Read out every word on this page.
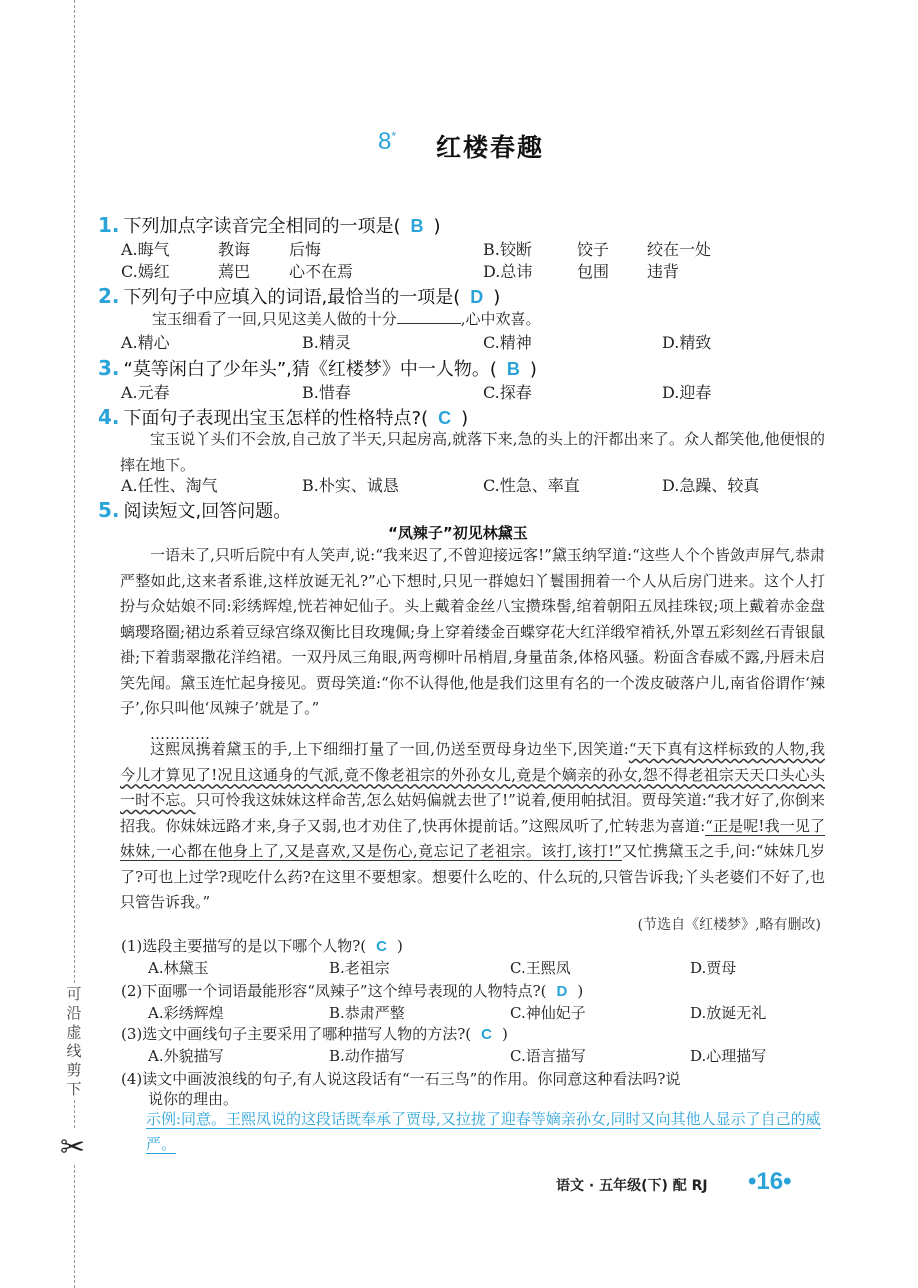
可沿虚线剪下
✂
8* 红楼春趣
1. 下列加点字读音完全相同的一项是( B )
A.晦气	教诲 后悔	B.铰断	饺子 绞在一处
C.嫣红	蔫巴 心不在焉	D.总讳	包围 违背
2. 下列句子中应填入的词语,最恰当的一项是( D )
宝玉细看了一回,只见这美人做的十分	,心中欢喜。
A.精心	B.精灵	C.精神	D.精致
3. “莫等闲白了少年头”,猜《红楼梦》中一人物。( B )
A.元春	B.惜春	C.探春	D.迎春
4. 下面句子表现出宝玉怎样的性格特点?( C )

宝玉说丫头们不会放,自己放了半天,只起房高,就落下来,急的头上的汗都出来了。众人都笑他,他便恨的摔在地下。

A.任性、淘气	B.朴实、诚恳	C.性急、率直	D.急躁、较真
5. 阅读短文,回答问题。
“凤辣子”初见林黛玉

一语未了,只听后院中有人笑声,说:“我来迟了,不曾迎接远客!”黛玉纳罕道:“这些人个个皆敛声屏气,恭肃严整如此,这来者系谁,这样放诞无礼?”心下想时,只见一群媳妇丫鬟围拥着一个人从后房门进来。这个人打扮与众姑娘不同:彩绣辉煌,恍若神妃仙子。头上戴着金丝八宝攒珠髻,绾着朝阳五凤挂珠钗;项上戴着赤金盘螭璎珞圈;裙边系着豆绿宫绦双衡比目玫瑰佩;身上穿着缕金百蝶穿花大红洋缎窄褃袄,外罩五彩刻丝石青银鼠褂;下着翡翠撒花洋绉裙。一双丹凤三角眼,两弯柳叶吊梢眉,身量苗条,体格风骚。粉面含春威不露,丹唇未启笑先闻。黛玉连忙起身接见。贾母笑道:“你不认得他,他是我们这里有名的一个泼皮破落户儿,南省俗谓作‘辣子’,你只叫他‘凤辣子’就是了。”

…………

这熙凤携着黛玉的手,上下细细打量了一回,仍送至贾母身边坐下,因笑道:“天下真有这样标致的人物,我今儿才算见了!况且这通身的气派,竟不像老祖宗的外孙女儿,竟是个嫡亲的孙女,怨不得老祖宗天天口头心头一时不忘。只可怜我这妹妹这样命苦,怎么姑妈偏就去世了!”说着,便用帕拭泪。贾母笑道:“我才好了,你倒来招我。你妹妹远路才来,身子又弱,也才劝住了,快再休提前话。”这熙凤听了,忙转悲为喜道:“正是呢!我一见了妹妹,一心都在他身上了,又是喜欢,又是伤心,竟忘记了老祖宗。该打,该打!”又忙携黛玉之手,问:“妹妹几岁了?可也上过学?现吃什么药?在这里不要想家。想要什么吃的、什么玩的,只管告诉我;丫头老婆们不好了,也只管告诉我。”

(节选自《红楼梦》,略有删改)
(1)选段主要描写的是以下哪个人物?( C )
A.林黛玉	B.老祖宗	C.王熙凤	D.贾母
(2)下面哪一个词语最能形容“凤辣子”这个绰号表现的人物特点?( D )
A.彩绣辉煌	B.恭肃严整	C.神仙妃子	D.放诞无礼
(3)选文中画线句子主要采用了哪种描写人物的方法?( C )
A.外貌描写	B.动作描写	C.语言描写	D.心理描写
(4)读文中画波浪线的句子,有人说这段话有“一石三鸟”的作用。你同意这种看法吗?说
说你的理由。
示例:同意。王熙凤说的这段话既奉承了贾母,又拉拢了迎春等嫡亲孙女,同时又向其他人显示了自己的威严。
语文 · 五年级(下) 配 RJ •16•
